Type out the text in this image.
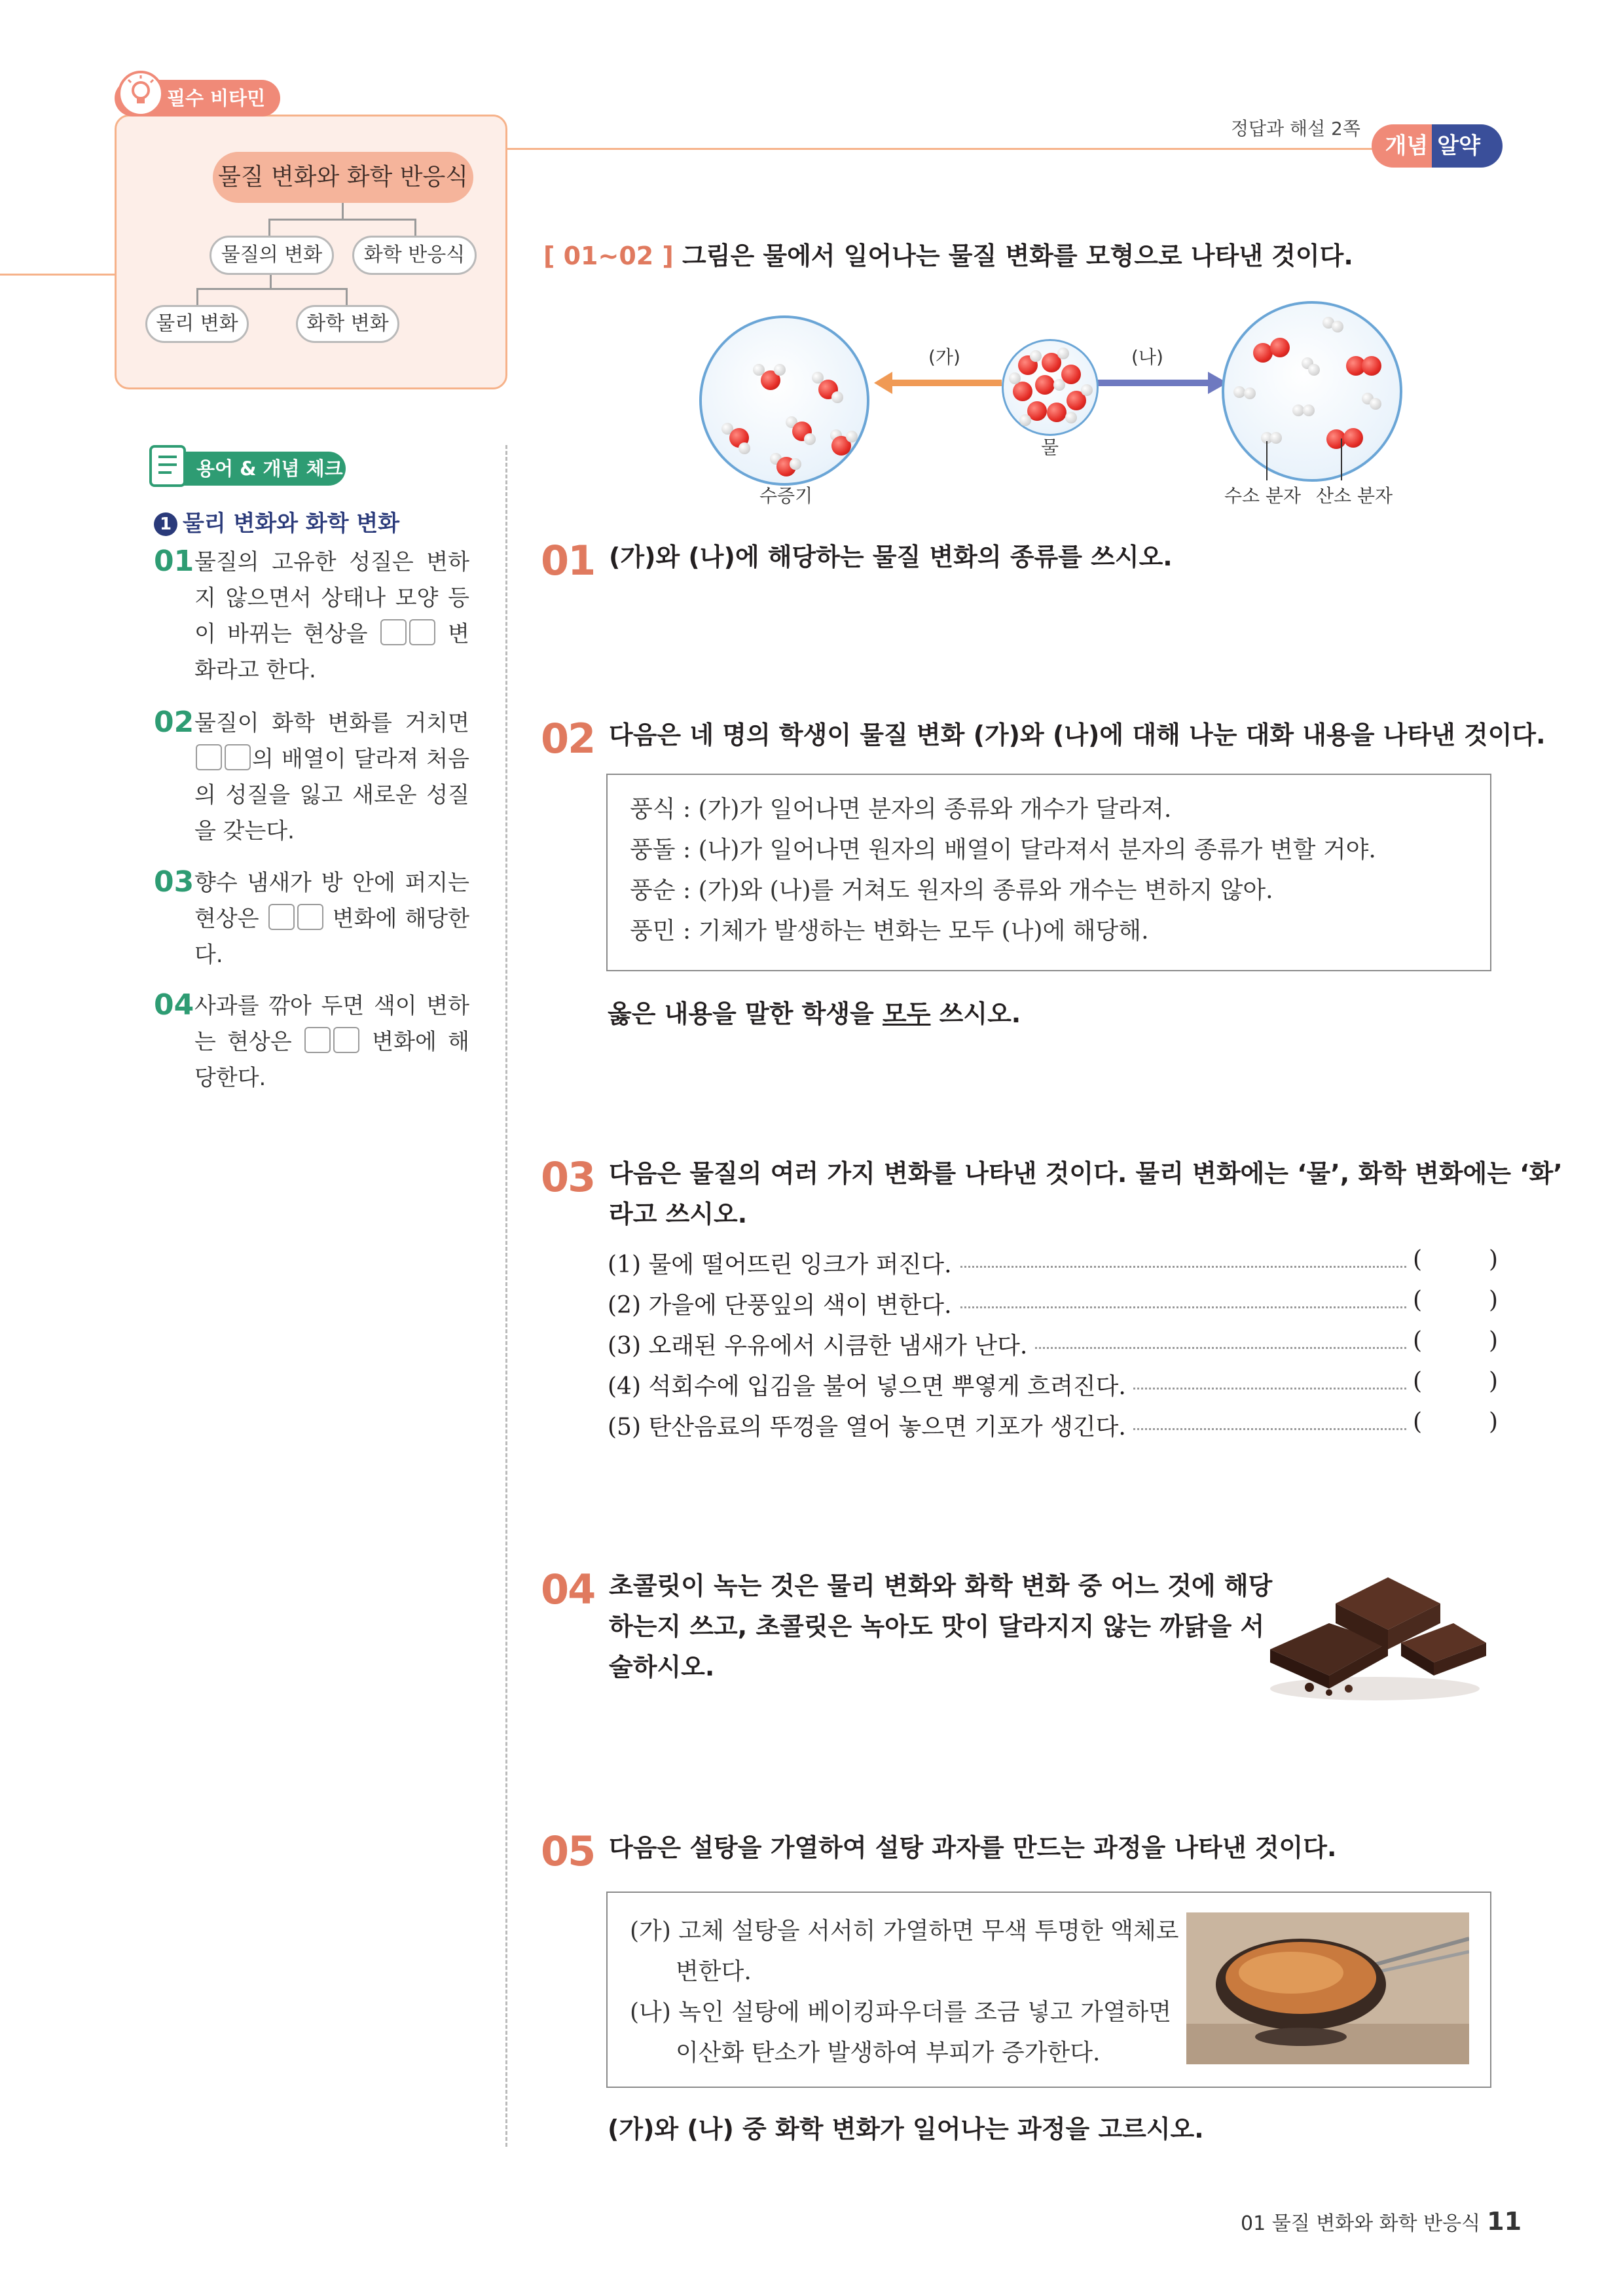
필수 비타민
물질 변화와 화학 반응식
물질의 변화	화학 반응식
물리 변화	화학 변화
정답과 해설 2쪽
개념 알약
용어 & 개념 체크
1 물리 변화와 화학 변화
01 물질의 고유한 성질은 변하지 않으면서 상태나 모양 등이 바뀌는 현상을	변화라고 한다.
02 물질이 화학 변화를 거치면 의 배열이 달라져 처음의 성질을 잃고 새로운 성질을 갖는다.
03 향수 냄새가 방 안에 퍼지는 현상은	변화에 해당한다.
04 사과를 깎아 두면 색이 변하는 현상은	변화에 해당한다.
[ 01~02 ] 그림은 물에서 일어나는 물질 변화를 모형으로 나타낸 것이다.
수증기
(가)	(나)
물
수소 분자 산소 분자
01 (가)와 (나)에 해당하는 물질 변화의 종류를 쓰시오.
02 다음은 네 명의 학생이 물질 변화 (가)와 (나)에 대해 나눈 대화 내용을 나타낸 것이다.
풍식 : (가)가 일어나면 분자의 종류와 개수가 달라져.
풍돌 : (나)가 일어나면 원자의 배열이 달라져서 분자의 종류가 변할 거야.
풍순 : (가)와 (나)를 거쳐도 원자의 종류와 개수는 변하지 않아.
풍민 : 기체가 발생하는 변화는 모두 (나)에 해당해.
옳은 내용을 말한 학생을 모두 쓰시오.
03 다음은 물질의 여러 가지 변화를 나타낸 것이다. 물리 변화에는 ‘물’, 화학 변화에는 ‘화’
라고 쓰시오.
(1) 물에 떨어뜨린 잉크가 퍼진다.	(	)
(2) 가을에 단풍잎의 색이 변한다.	(	)
(3) 오래된 우유에서 시큼한 냄새가 난다.	(	)
(4) 석회수에 입김을 불어 넣으면 뿌옇게 흐려진다.	(	)
(5) 탄산음료의 뚜껑을 열어 놓으면 기포가 생긴다.	(	)
04 초콜릿이 녹는 것은 물리 변화와 화학 변화 중 어느 것에 해당
하는지 쓰고, 초콜릿은 녹아도 맛이 달라지지 않는 까닭을 서
술하시오.
05 다음은 설탕을 가열하여 설탕 과자를 만드는 과정을 나타낸 것이다.
(가) 고체 설탕을 서서히 가열하면 무색 투명한 액체로
변한다.
(나) 녹인 설탕에 베이킹파우더를 조금 넣고 가열하면
이산화 탄소가 발생하여 부피가 증가한다.
(가)와 (나) 중 화학 변화가 일어나는 과정을 고르시오.
01 물질 변화와 화학 반응식 11
